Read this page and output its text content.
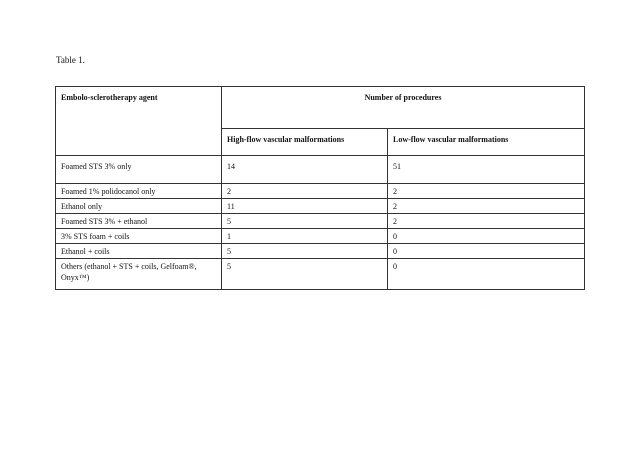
Table 1.
Embolo-sclerotherapy agent	Number of procedures	
	High-flow vascular malformations	Low-flow vascular malformations
Foamed STS 3% only	14	51
Foamed 1% polidocanol only	2	2
Ethanol only	11	2
Foamed STS 3% + ethanol	5	2
3% STS foam + coils	1	0
Ethanol + coils	5	0
Others (ethanol + STS + coils, Gelfoam®, Onyx™)	5	0
